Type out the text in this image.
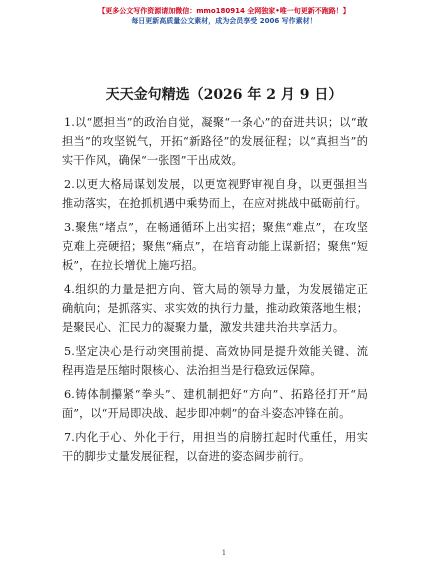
【更多公文写作资源请加微信：mmo180914 全网独家•唯一旬更新不跑路！】
每日更新高质量公文素材，成为会员享受 2006 写作素材！
天天金句精选（2026 年 2 月 9 日）

1.以“愿担当”的政治自觉，凝聚“一条心”的奋进共识；以“敢担当”的攻坚锐气，开拓“新路径”的发展征程；以“真担当”的实干作风，确保“一张图”干出成效。

2.以更大格局谋划发展，以更宽视野审视自身，以更强担当推动落实，在抢抓机遇中乘势而上，在应对挑战中砥砺前行。

3.聚焦“堵点”，在畅通循环上出实招；聚焦“难点”，在攻坚克难上亮硬招；聚焦“痛点”，在培育动能上谋新招；聚焦“短板”，在拉长增优上施巧招。

4.组织的力量是把方向、管大局的领导力量，为发展锚定正确航向；是抓落实、求实效的执行力量，推动政策落地生根；是聚民心、汇民力的凝聚力量，激发共建共治共享活力。

5.坚定决心是行动突围前提、高效协同是提升效能关键、流程再造是压缩时限核心、法治担当是行稳致远保障。

6.铸体制攥紧“拳头”、建机制把好“方向”、拓路径打开“局面”，以“开局即决战、起步即冲刺”的奋斗姿态冲锋在前。

7.内化于心、外化于行，用担当的肩膀扛起时代重任，用实干的脚步丈量发展征程，以奋进的姿态阔步前行。

1
